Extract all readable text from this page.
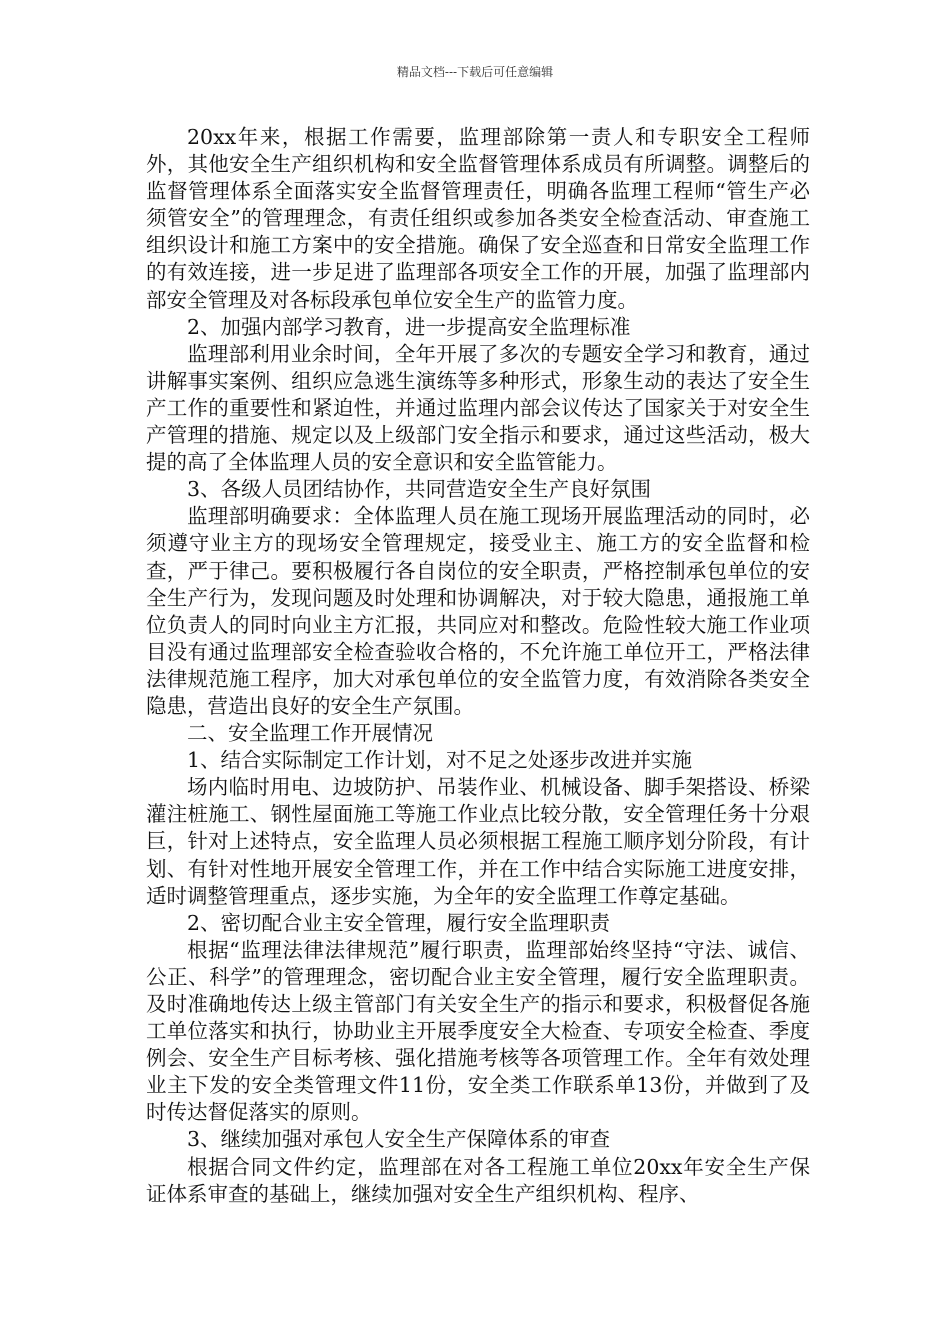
精品文档---下载后可任意编辑

20xx年来，根据工作需要，监理部除第一责人和专职安全工程师外，其他安全生产组织机构和安全监督管理体系成员有所调整。调整后的监督管理体系全面落实安全监督管理责任，明确各监理工程师“管生产必须管安全”的管理理念，有责任组织或参加各类安全检查活动、审查施工组织设计和施工方案中的安全措施。确保了安全巡查和日常安全监理工作的有效连接，进一步足进了监理部各项安全工作的开展，加强了监理部内部安全管理及对各标段承包单位安全生产的监管力度。

2、加强内部学习教育，进一步提高安全监理标准

监理部利用业余时间，全年开展了多次的专题安全学习和教育，通过讲解事实案例、组织应急逃生演练等多种形式，形象生动的表达了安全生产工作的重要性和紧迫性，并通过监理内部会议传达了国家关于对安全生产管理的措施、规定以及上级部门安全指示和要求，通过这些活动，极大提的高了全体监理人员的安全意识和安全监管能力。

3、各级人员团结协作，共同营造安全生产良好氛围

监理部明确要求：全体监理人员在施工现场开展监理活动的同时，必须遵守业主方的现场安全管理规定，接受业主、施工方的安全监督和检查，严于律己。要积极履行各自岗位的安全职责，严格控制承包单位的安全生产行为，发现问题及时处理和协调解决，对于较大隐患，通报施工单位负责人的同时向业主方汇报，共同应对和整改。危险性较大施工作业项目没有通过监理部安全检查验收合格的，不允许施工单位开工，严格法律法律规范施工程序，加大对承包单位的安全监管力度，有效消除各类安全隐患，营造出良好的安全生产氛围。

二、安全监理工作开展情况

1、结合实际制定工作计划，对不足之处逐步改进并实施

场内临时用电、边坡防护、吊装作业、机械设备、脚手架搭设、桥梁灌注桩施工、钢性屋面施工等施工作业点比较分散，安全管理任务十分艰巨，针对上述特点，安全监理人员必须根据工程施工顺序划分阶段，有计划、有针对性地开展安全管理工作，并在工作中结合实际施工进度安排，适时调整管理重点，逐步实施，为全年的安全监理工作尊定基础。

2、密切配合业主安全管理，履行安全监理职责

根据“监理法律法律规范”履行职责，监理部始终坚持“守法、诚信、公正、科学”的管理理念，密切配合业主安全管理，履行安全监理职责。及时准确地传达上级主管部门有关安全生产的指示和要求，积极督促各施工单位落实和执行，协助业主开展季度安全大检查、专项安全检查、季度例会、安全生产目标考核、强化措施考核等各项管理工作。全年有效处理业主下发的安全类管理文件11份，安全类工作联系单13份，并做到了及时传达督促落实的原则。

3、继续加强对承包人安全生产保障体系的审查

根据合同文件约定，监理部在对各工程施工单位20xx年安全生产保证体系审查的基础上，继续加强对安全生产组织机构、程序、
